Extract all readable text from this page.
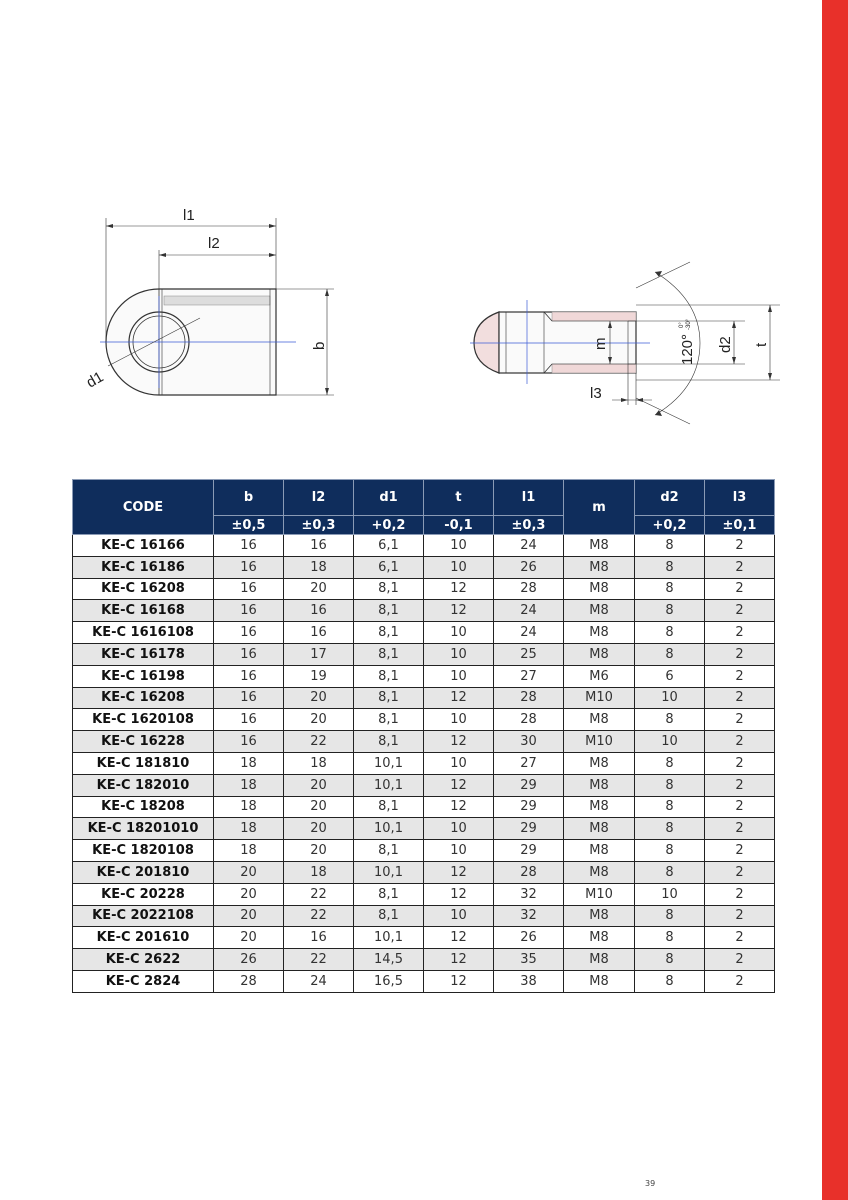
l1
l2
b
d1
m	120°
0° -30°
d2 t
l3
CODE	b	l2	d1	t	l1	m	d2	l3
	±0,5	±0,3	+0,2	-0,1	±0,3		+0,2	±0,1
KE-C 16166	16	16	6,1	10	24	M8	8	2
KE-C 16186	16	18	6,1	10	26	M8	8	2
KE-C 16208	16	20	8,1	12	28	M8	8	2
KE-C 16168	16	16	8,1	12	24	M8	8	2
KE-C 1616108	16	16	8,1	10	24	M8	8	2
KE-C 16178	16	17	8,1	10	25	M8	8	2
KE-C 16198	16	19	8,1	10	27	M6	6	2
KE-C 16208	16	20	8,1	12	28	M10	10	2
KE-C 1620108	16	20	8,1	10	28	M8	8	2
KE-C 16228	16	22	8,1	12	30	M10	10	2
KE-C 181810	18	18	10,1	10	27	M8	8	2
KE-C 182010	18	20	10,1	12	29	M8	8	2
KE-C 18208	18	20	8,1	12	29	M8	8	2
KE-C 18201010	18	20	10,1	10	29	M8	8	2
KE-C 1820108	18	20	8,1	10	29	M8	8	2
KE-C 201810	20	18	10,1	12	28	M8	8	2
KE-C 20228	20	22	8,1	12	32	M10	10	2
KE-C 2022108	20	22	8,1	10	32	M8	8	2
KE-C 201610	20	16	10,1	12	26	M8	8	2
KE-C 2622	26	22	14,5	12	35	M8	8	2
KE-C 2824	28	24	16,5	12	38	M8	8	2
39 2020 © www.kaliteotomat.com
